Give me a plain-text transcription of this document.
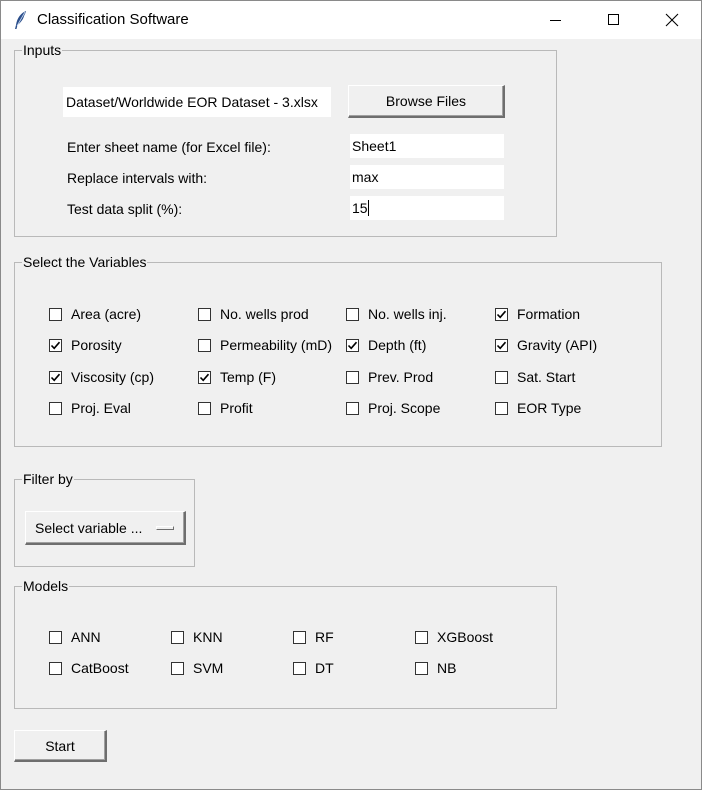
Classification Software
Inputs
Dataset/Worldwide EOR Dataset - 3.xlsx	Browse Files
Enter sheet name (for Excel file):	Sheet1
Replace intervals with:	max
Test data split (%):	15
Select the Variables
Area (acre)	No. wells prod	No. wells inj.	Formation
Porosity	Permeability (mD)	Depth (ft)	Gravity (API)
Viscosity (cp)	Temp (F)	Prev. Prod	Sat. Start
Proj. Eval	Profit	Proj. Scope	EOR Type
Filter by
Select variable ...
Models
ANN	KNN	RF	XGBoost
CatBoost	SVM	DT	NB
Start
